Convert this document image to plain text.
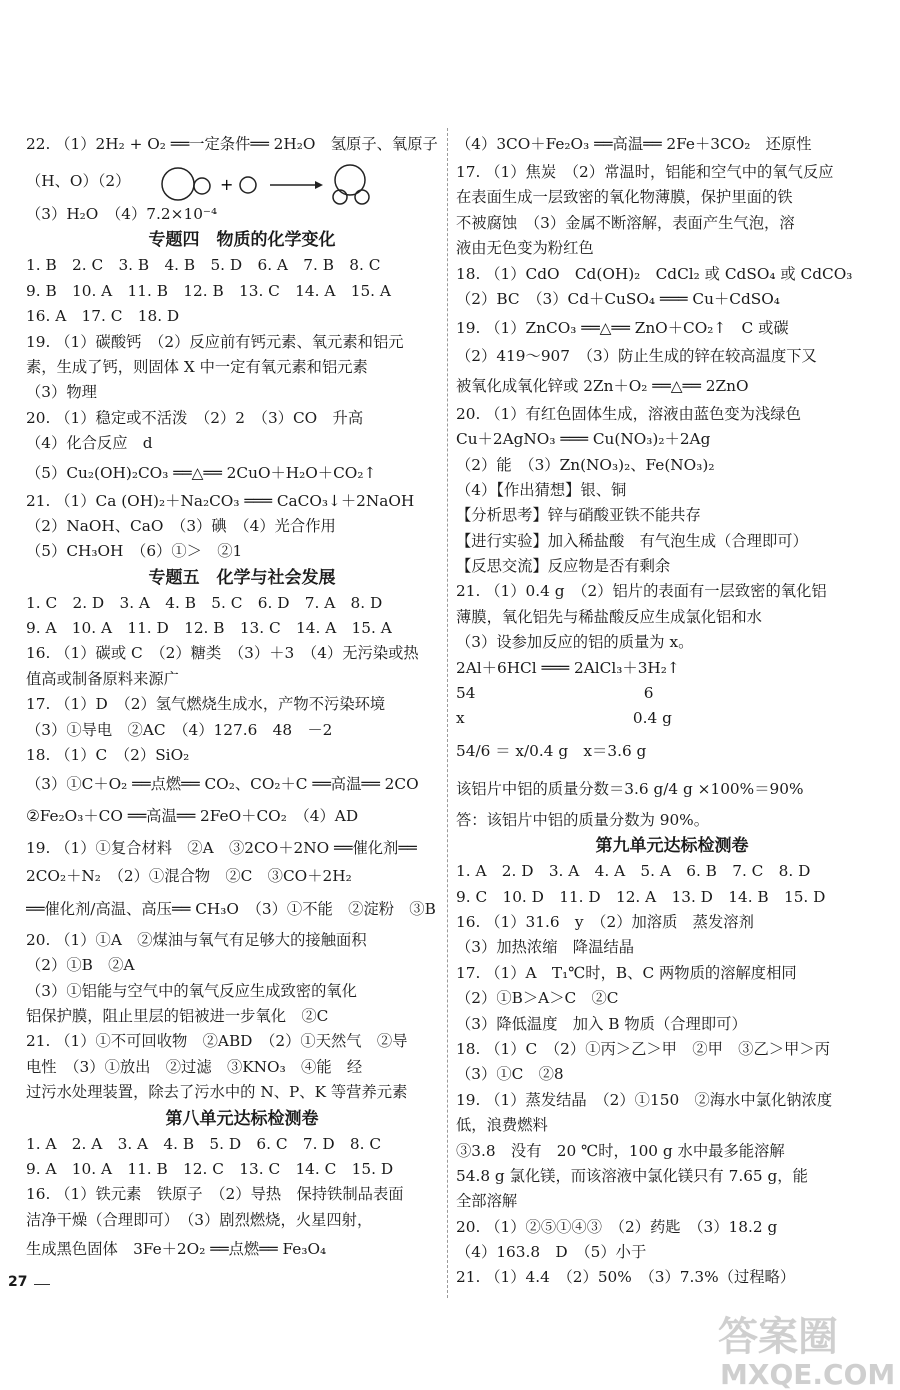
22. （1）2H₂ + O₂ ══一定条件══ 2H₂O　氢原子、氧原子
（H、O）（2）
（3）H₂O　（4）7.2×10⁻⁴
专题四　物质的化学变化
1. B　2. C　3. B　4. B　5. D　6. A　7. B　8. C
9. B　10. A　11. B　12. B　13. C　14. A　15. A
16. A　17. C　18. D
19. （1）碳酸钙　（2）反应前有钙元素、氧元素和铝元
素，生成了钙，则固体 X 中一定有氧元素和铝元素
（3）物理
20. （1）稳定或不活泼　（2）2　（3）CO　升高
（4）化合反应　d
（5）Cu₂(OH)₂CO₃ ══△══ 2CuO＋H₂O＋CO₂↑
21. （1）Ca (OH)₂＋Na₂CO₃ ═══ CaCO₃↓＋2NaOH
（2）NaOH、CaO　（3）碘　（4）光合作用
（5）CH₃OH　（6）①＞　②1
专题五　化学与社会发展
1. C　2. D　3. A　4. B　5. C　6. D　7. A　8. D
9. A　10. A　11. D　12. B　13. C　14. A　15. A
16. （1）碳或 C　（2）糖类　（3）＋3　（4）无污染或热
值高或制备原料来源广
17. （1）D　（2）氢气燃烧生成水，产物不污染环境
（3）①导电　②AC　（4）127.6　48　－2
18. （1）C　（2）SiO₂
（3）①C＋O₂ ══点燃══ CO₂、CO₂＋C ══高温══ 2CO
②Fe₂O₃＋CO ══高温══ 2FeO＋CO₂　（4）AD
19. （1）①复合材料　②A　③2CO＋2NO ══催化剂══
2CO₂＋N₂　（2）①混合物　②C　③CO＋2H₂
══催化剂/高温、高压══ CH₃O　（3）①不能　②淀粉　③B
20. （1）①A　②煤油与氧气有足够大的接触面积
（2）①B　②A
（3）①铝能与空气中的氧气反应生成致密的氧化
铝保护膜，阻止里层的铝被进一步氧化　②C
21. （1）①不可回收物　②ABD　（2）①天然气　②导
电性　（3）①放出　②过滤　③KNO₃　④能　经
过污水处理装置，除去了污水中的 N、P、K 等营养元素
第八单元达标检测卷
1. A　2. A　3. A　4. B　5. D　6. C　7. D　8. C
9. A　10. A　11. B　12. C　13. C　14. C　15. D
16. （1）铁元素　铁原子　（2）导热　保持铁制品表面
洁净干燥（合理即可）　（3）剧烈燃烧，火星四射，
生成黑色固体　3Fe＋2O₂ ══点燃══ Fe₃O₄
（4）3CO＋Fe₂O₃ ══高温══ 2Fe＋3CO₂　还原性
17. （1）焦炭　（2）常温时，铝能和空气中的氧气反应
在表面生成一层致密的氧化物薄膜，保护里面的铁
不被腐蚀　（3）金属不断溶解，表面产生气泡，溶
液由无色变为粉红色
18. （1）CdO　Cd(OH)₂　CdCl₂ 或 CdSO₄ 或 CdCO₃
（2）BC　（3）Cd＋CuSO₄ ═══ Cu＋CdSO₄
19. （1）ZnCO₃ ══△══ ZnO＋CO₂↑　C 或碳
（2）419～907　（3）防止生成的锌在较高温度下又
被氧化成氧化锌或 2Zn＋O₂ ══△══ 2ZnO
20. （1）有红色固体生成，溶液由蓝色变为浅绿色
Cu＋2AgNO₃ ═══ Cu(NO₃)₂＋2Ag
（2）能　（3）Zn(NO₃)₂、Fe(NO₃)₂
（4）【作出猜想】银、铜
【分析思考】锌与硝酸亚铁不能共存
【进行实验】加入稀盐酸　有气泡生成（合理即可）
【反思交流】反应物是否有剩余
21. （1）0.4 g　（2）铝片的表面有一层致密的氧化铝
薄膜，氧化铝先与稀盐酸反应生成氯化铝和水
（3）设参加反应的铝的质量为 x。
2Al＋6HCl ═══ 2AlCl₃＋3H₂↑
54　　　　　　　　　　　6
x　　　　　　　　　　　0.4 g
54/6 ＝ x/0.4 g　x＝3.6 g
该铝片中铝的质量分数＝3.6 g/4 g ×100%＝90%
答：该铝片中铝的质量分数为 90%。
第九单元达标检测卷
1. A　2. D　3. A　4. A　5. A　6. B　7. C　8. D
9. C　10. D　11. D　12. A　13. D　14. B　15. D
16. （1）31.6　y　（2）加溶质　蒸发溶剂
（3）加热浓缩　降温结晶
17. （1）A　T₁℃时，B、C 两物质的溶解度相同
（2）①B＞A＞C　②C
（3）降低温度　加入 B 物质（合理即可）
18. （1）C　（2）①丙＞乙＞甲　②甲　③乙＞甲＞丙
（3）①C　②8
19. （1）蒸发结晶　（2）①150　②海水中氯化钠浓度
低，浪费燃料
③3.8　没有　20 ℃时，100 g 水中最多能溶解
54.8 g 氯化镁，而该溶液中氯化镁只有 7.65 g，能
全部溶解
20. （1）②⑤①④③　（2）药匙　（3）18.2 g
（4）163.8　D　（5）小于
21. （1）4.4　（2）50%　（3）7.3%（过程略）
+
27
答案圈
MXQE.COM
